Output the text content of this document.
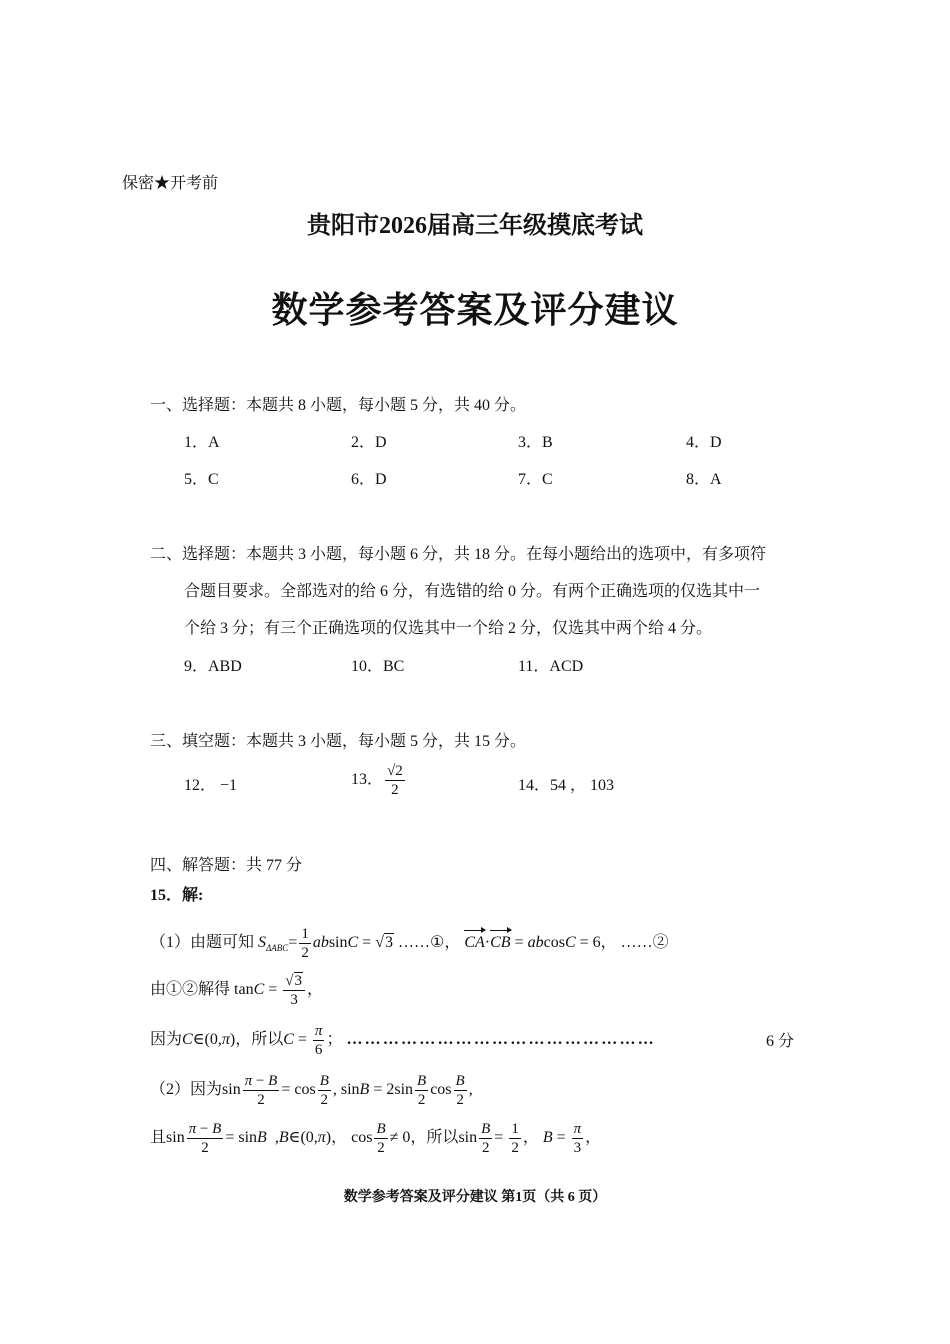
保密★开考前
贵阳市2026届高三年级摸底考试
数学参考答案及评分建议
一、选择题：本题共 8 小题，每小题 5 分，共 40 分。
1．A	2．D	3．B	4．D
5．C	6．D	7．C	8．A
二、选择题：本题共 3 小题，每小题 6 分，共 18 分。在每小题给出的选项中，有多项符
合题目要求。全部选对的给 6 分，有选错的给 0 分。有两个正确选项的仅选其中一
个给 3 分；有三个正确选项的仅选其中一个给 2 分，仅选其中两个给 4 分。
9．ABD	10．BC	11．ACD
三、填空题：本题共 3 小题，每小题 5 分，共 15 分。
12． −1	13． $\frac{√2}{2}$	14．54 ， 103
四、解答题：共 77 分
15．解:
（1）由题可知 $S_{\Delta ABC}= \frac{1}{2}$ absinC = √3 ……①， CA·CB = abcosC = 6， ……②
由①②解得 $\tan C = \frac{√3}{3}$ ，
因为C∈(0,π)，所以$C = \frac{\pi}{6}$ ； ……………………………………………	6 分
（2）因为$\sin \frac{\pi - B}{2} = \cos \frac{B}{2}$ , $\sin B = 2\sin \frac{B}{2}$ $\cos \frac{B}{2}$ ,
且$\sin \frac{\pi - B}{2} = \sin B$  ,B∈(0,π)， $\cos \frac{B}{2} \ne 0$，所以$\sin \frac{B}{2} = \frac{1}{2}$ ， $B = \frac{\pi}{3}$ ，
数学参考答案及评分建议 第1页（共 6 页）
